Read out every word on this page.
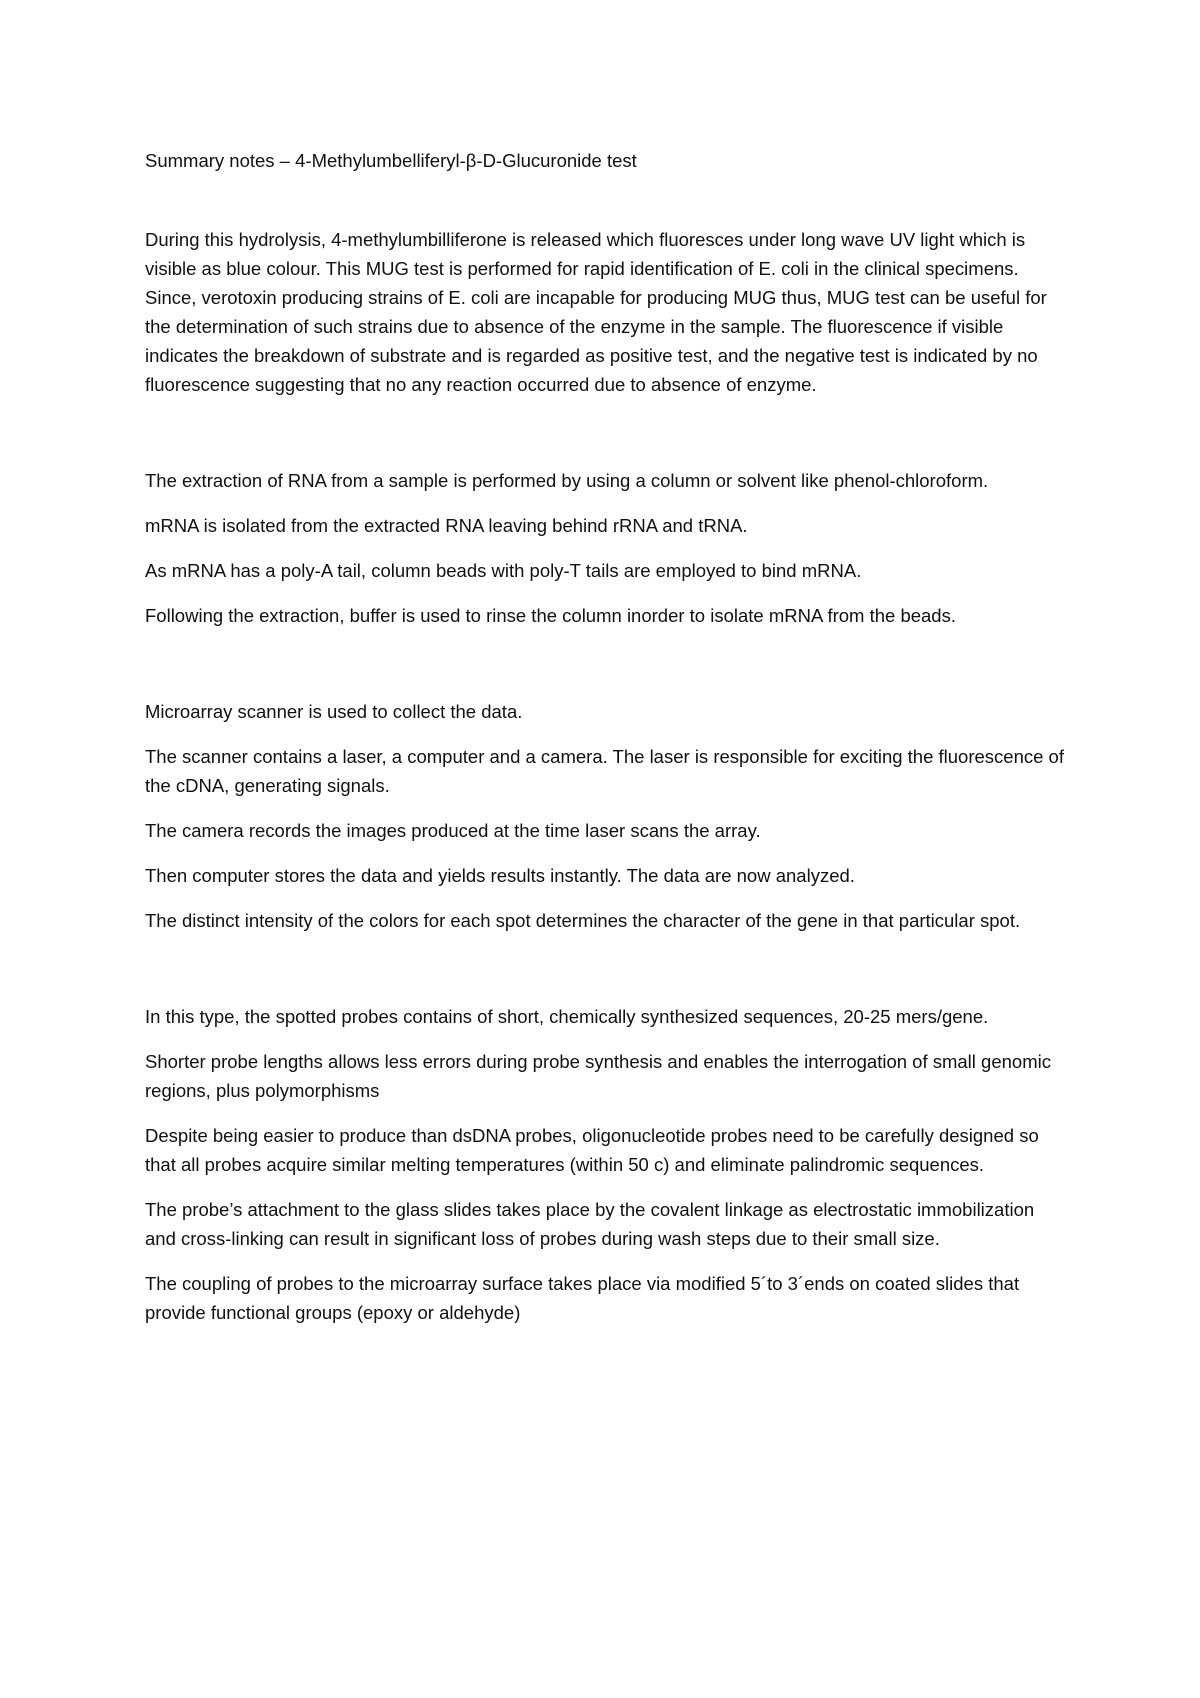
Summary notes – 4-Methylumbelliferyl-β-D-Glucuronide test

During this hydrolysis, 4-methylumbilliferone is released which fluoresces under long wave UV light which is visible as blue colour. This MUG test is performed for rapid identification of E. coli in the clinical specimens. Since, verotoxin producing strains of E. coli are incapable for producing MUG thus, MUG test can be useful for the determination of such strains due to absence of the enzyme in the sample. The fluorescence if visible indicates the breakdown of substrate and is regarded as positive test, and the negative test is indicated by no fluorescence suggesting that no any reaction occurred due to absence of enzyme.

The extraction of RNA from a sample is performed by using a column or solvent like phenol-chloroform.

mRNA is isolated from the extracted RNA leaving behind rRNA and tRNA.

As mRNA has a poly-A tail, column beads with poly-T tails are employed to bind mRNA.

Following the extraction, buffer is used to rinse the column inorder to isolate mRNA from the beads.

Microarray scanner is used to collect the data.

The scanner contains a laser, a computer and a camera. The laser is responsible for exciting the fluorescence of the cDNA, generating signals.

The camera records the images produced at the time laser scans the array.

Then computer stores the data and yields results instantly. The data are now analyzed.

The distinct intensity of the colors for each spot determines the character of the gene in that particular spot.

In this type, the spotted probes contains of short, chemically synthesized sequences, 20-25 mers/gene.

Shorter probe lengths allows less errors during probe synthesis and enables the interrogation of small genomic regions, plus polymorphisms

Despite being easier to produce than dsDNA probes, oligonucleotide probes need to be carefully designed so that all probes acquire similar melting temperatures (within 50 c) and eliminate palindromic sequences.

The probe’s attachment to the glass slides takes place by the covalent linkage as electrostatic immobilization and cross-linking can result in significant loss of probes during wash steps due to their small size.

The coupling of probes to the microarray surface takes place via modified 5´to 3´ends on coated slides that provide functional groups (epoxy or aldehyde)
